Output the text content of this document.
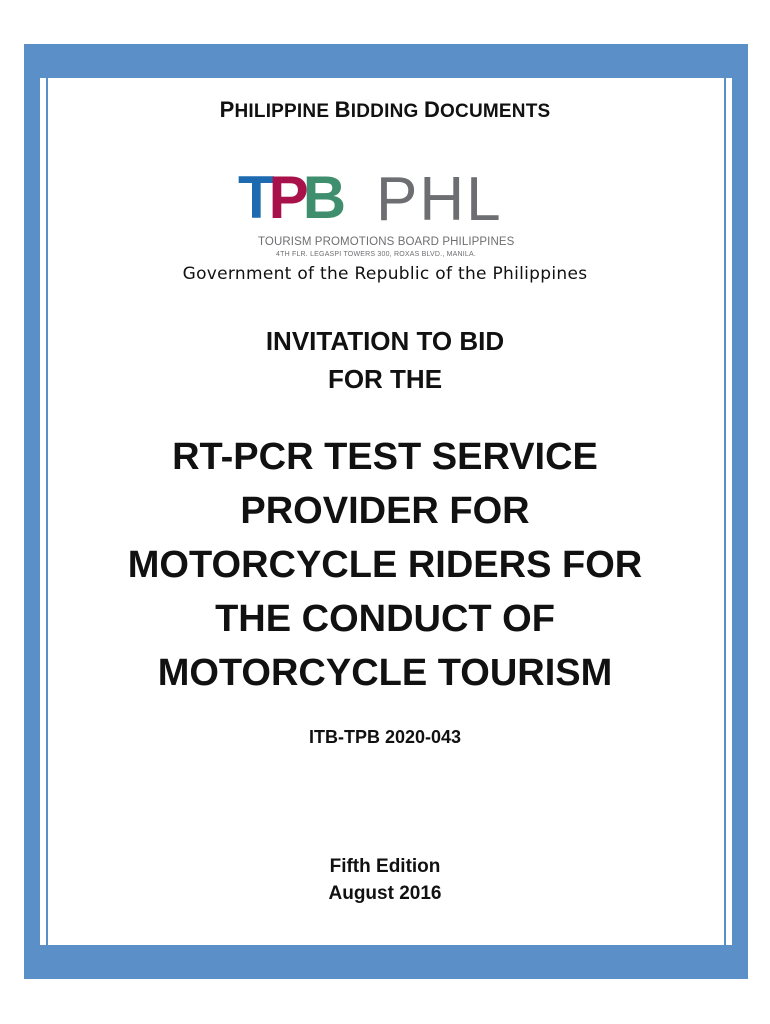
PHILIPPINE BIDDING DOCUMENTS
TPB PHL
TOURISM PROMOTIONS BOARD PHILIPPINES
4TH FLR. LEGASPI TOWERS 300, ROXAS BLVD., MANILA.
Government of the Republic of the Philippines
INVITATION TO BID
FOR THE
RT-PCR TEST SERVICE
PROVIDER FOR
MOTORCYCLE RIDERS FOR
THE CONDUCT OF
MOTORCYCLE TOURISM
ITB-TPB 2020-043
Fifth Edition
August 2016
